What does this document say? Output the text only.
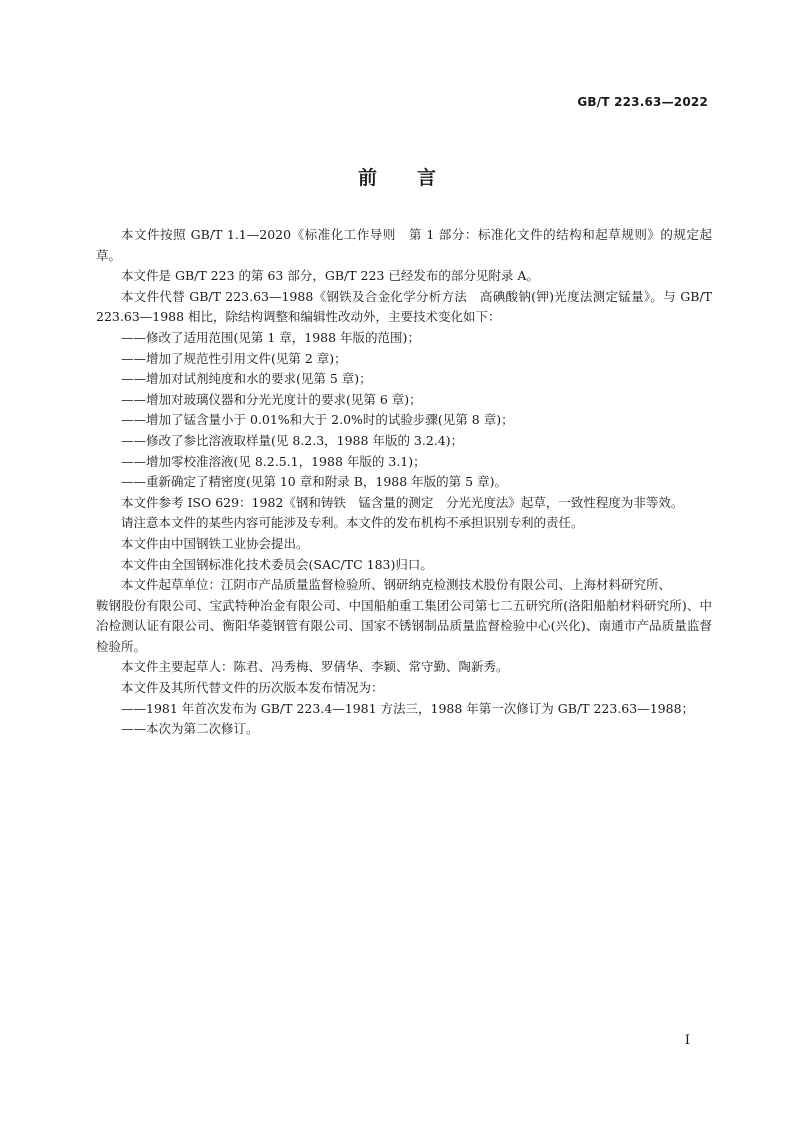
GB/T 223.63—2022
前言

本文件按照 GB/T 1.1—2020《标准化工作导则　第 1 部分：标准化文件的结构和起草规则》的规定起草。

本文件是 GB/T 223 的第 63 部分，GB/T 223 已经发布的部分见附录 A。

本文件代替 GB/T 223.63—1988《钢铁及合金化学分析方法　高碘酸钠(钾)光度法测定锰量》。与 GB/T 223.63—1988 相比，除结构调整和编辑性改动外，主要技术变化如下：

——修改了适用范围(见第 1 章，1988 年版的范围)；

——增加了规范性引用文件(见第 2 章)；

——增加对试剂纯度和水的要求(见第 5 章)；

——增加对玻璃仪器和分光光度计的要求(见第 6 章)；

——增加了锰含量小于 0.01%和大于 2.0%时的试验步骤(见第 8 章)；

——修改了参比溶液取样量(见 8.2.3，1988 年版的 3.2.4)；

——增加零校准溶液(见 8.2.5.1，1988 年版的 3.1)；

——重新确定了精密度(见第 10 章和附录 B，1988 年版的第 5 章)。

本文件参考 ISO 629：1982《钢和铸铁　锰含量的测定　分光光度法》起草，一致性程度为非等效。

请注意本文件的某些内容可能涉及专利。本文件的发布机构不承担识别专利的责任。

本文件由中国钢铁工业协会提出。

本文件由全国钢标准化技术委员会(SAC/TC 183)归口。

本文件起草单位：江阴市产品质量监督检验所、钢研纳克检测技术股份有限公司、上海材料研究所、

鞍钢股份有限公司、宝武特种冶金有限公司、中国船舶重工集团公司第七二五研究所(洛阳船舶材料研究所)、中冶检测认证有限公司、衡阳华菱钢管有限公司、国家不锈钢制品质量监督检验中心(兴化)、南通市产品质量监督检验所。

本文件主要起草人：陈君、冯秀梅、罗倩华、李颖、常守勤、陶新秀。

本文件及其所代替文件的历次版本发布情况为：

——1981 年首次发布为 GB/T 223.4—1981 方法三，1988 年第一次修订为 GB/T 223.63—1988；

——本次为第二次修订。

I
